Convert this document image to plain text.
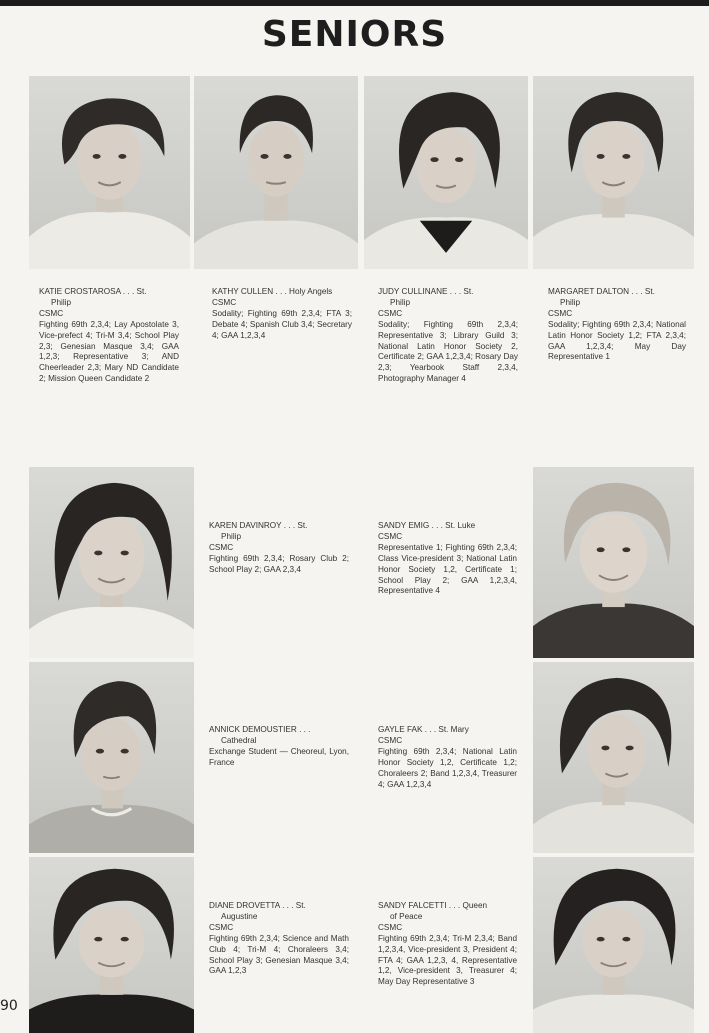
SENIORS
KATIE CROSTAROSA . . . St.
Philip
CSMC
Fighting 69th 2,3,4; Lay Apostolate 3, Vice-prefect 4; Tri-M 3,4; School Play 2,3; Genesian Masque 3,4; GAA 1,2,3; Representative 3; AND Cheerleader 2,3; Mary ND Candidate 2; Mission Queen Candidate 2
KATHY CULLEN . . . Holy Angels
CSMC
Sodality; Fighting 69th 2,3,4; FTA 3; Debate 4; Spanish Club 3,4; Secretary 4; GAA 1,2,3,4
JUDY CULLINANE . . . St.
Philip
CSMC
Sodality; Fighting 69th 2,3,4; Representative 3; Library Guild 3; National Latin Honor Society 2, Certificate 2; GAA 1,2,3,4; Rosary Day 2,3; Yearbook Staff 2,3,4, Photography Manager 4
MARGARET DALTON . . . St.
Philip
CSMC
Sodality; Fighting 69th 2,3,4; National Latin Honor Society 1,2; FTA 2,3,4; GAA 1,2,3,4; May Day Representative 1
KAREN DAVINROY . . . St.
Philip
CSMC
Fighting 69th 2,3,4; Rosary Club 2; School Play 2; GAA 2,3,4
SANDY EMIG . . . St. Luke
CSMC
Representative 1; Fighting 69th 2,3,4; Class Vice-president 3; National Latin Honor Society 1,2, Certificate 1; School Play 2; GAA 1,2,3,4, Representative 4
ANNICK DEMOUSTIER . . .
Cathedral
Exchange Student — Cheoreul, Lyon, France
GAYLE FAK . . . St. Mary
CSMC
Fighting 69th 2,3,4; National Latin Honor Society 1,2, Certificate 1,2; Choraleers 2; Band 1,2,3,4, Treasurer 4; GAA 1,2,3,4
DIANE DROVETTA . . . St.
Augustine
CSMC
Fighting 69th 2,3,4; Science and Math Club 4; Tri-M 4; Choraleers 3,4; School Play 3; Genesian Masque 3,4; GAA 1,2,3
SANDY FALCETTI . . . Queen
of Peace
CSMC
Fighting 69th 2,3,4; Tri-M 2,3,4; Band 1,2,3,4, Vice-president 3, President 4; FTA 4; GAA 1,2,3, 4, Representative 1,2, Vice-president 3, Treasurer 4; May Day Representative 3
90
